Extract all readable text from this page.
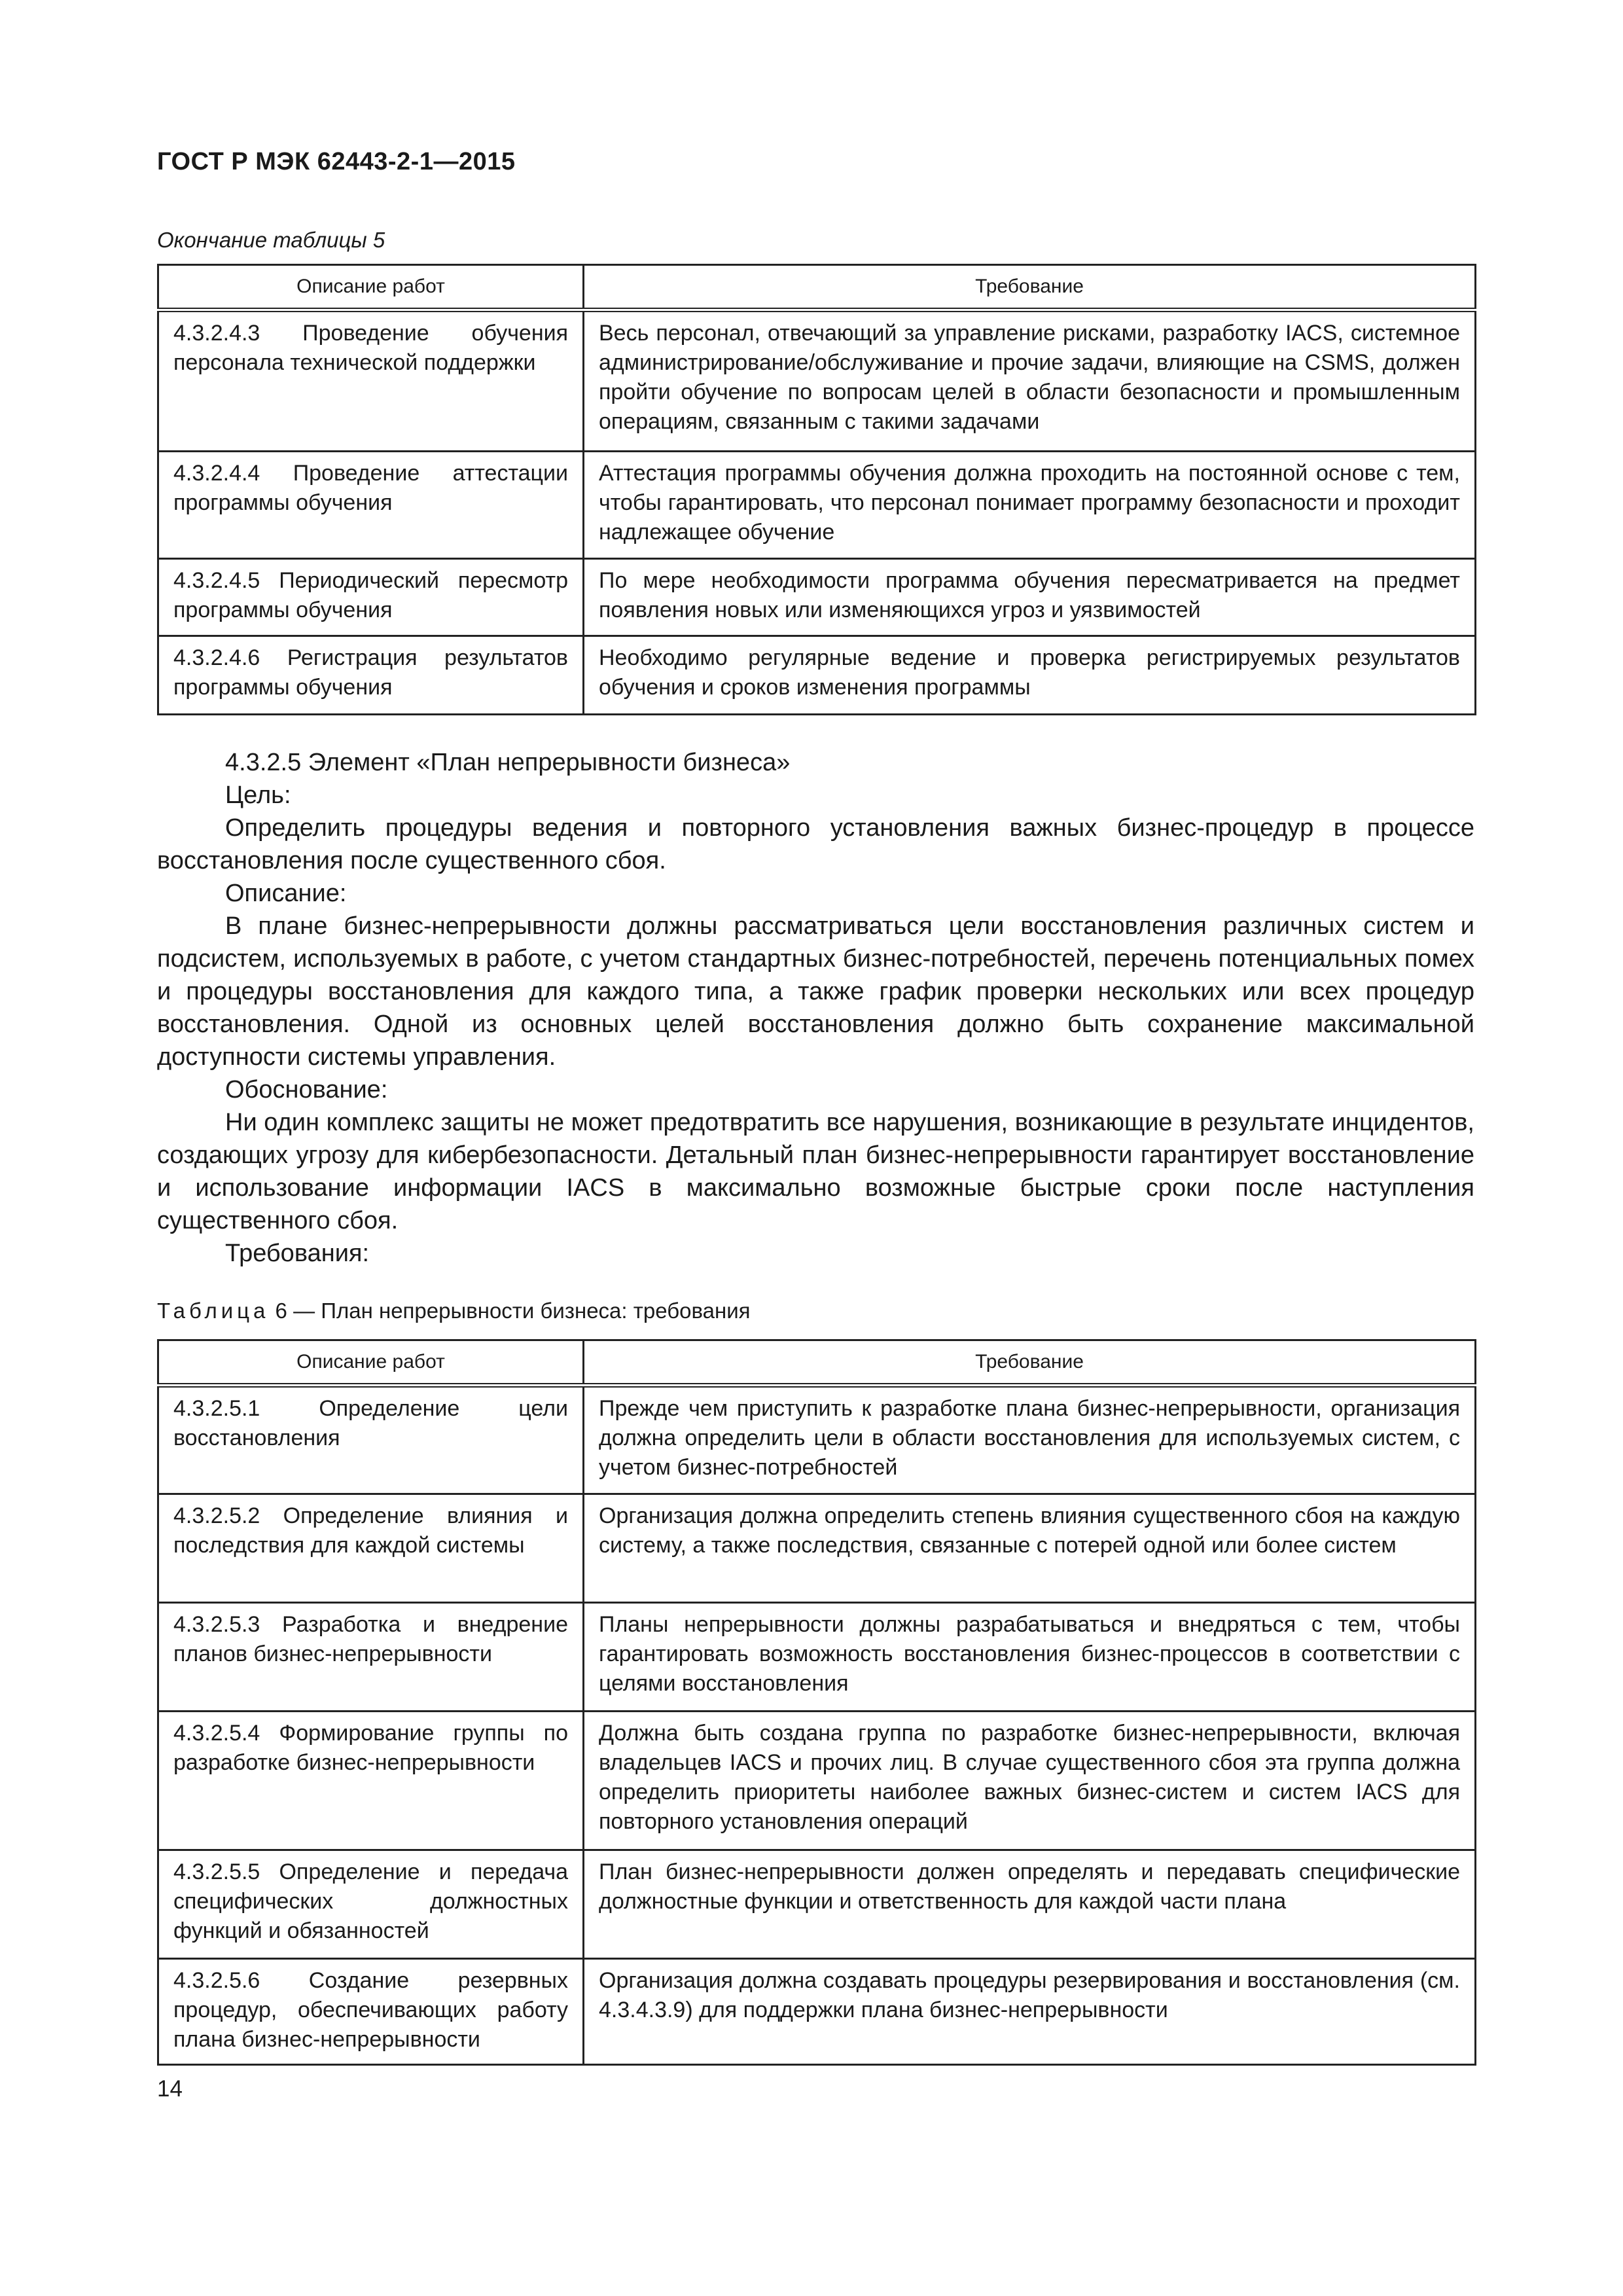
ГОСТ Р МЭК 62443-2-1—2015
Окончание таблицы 5
Описание работ	Требование
4.3.2.4.3 Проведение обучения персонала технической поддержки	Весь персонал, отвечающий за управление рисками, разработку IACS, системное администрирование/обслуживание и прочие задачи, влияющие на CSMS, должен пройти обучение по вопросам целей в области безопасности и промышленным операциям, связанным с такими задачами
4.3.2.4.4 Проведение аттестации программы обучения	Аттестация программы обучения должна проходить на постоянной основе с тем, чтобы гарантировать, что персонал понимает программу безопасности и проходит надлежащее обучение
4.3.2.4.5 Периодический пересмотр программы обучения	По мере необходимости программа обучения пересматривается на предмет появления новых или изменяющихся угроз и уязвимостей
4.3.2.4.6 Регистрация результатов программы обучения	Необходимо регулярные ведение и проверка регистрируемых результатов обучения и сроков изменения программы

4.3.2.5 Элемент «План непрерывности бизнеса»

Цель:

Определить процедуры ведения и повторного установления важных бизнес-процедур в процессе восстановления после существенного сбоя.

Описание:

В плане бизнес-непрерывности должны рассматриваться цели восстановления различных систем и подсистем, используемых в работе, с учетом стандартных бизнес-потребностей, перечень потенциальных помех и процедуры восстановления для каждого типа, а также график проверки нескольких или всех процедур восстановления. Одной из основных целей восстановления должно быть сохранение максимальной доступности системы управления.

Обоснование:

Ни один комплекс защиты не может предотвратить все нарушения, возникающие в результате инцидентов, создающих угрозу для кибербезопасности. Детальный план бизнес-непрерывности гарантирует восстановление и использование информации IACS в максимально возможные быстрые сроки после наступления существенного сбоя.

Требования:

Таблица 6 — План непрерывности бизнеса: требования
Описание работ	Требование
4.3.2.5.1 Определение цели восстановления	Прежде чем приступить к разработке плана бизнес-непрерывности, организация должна определить цели в области восстановления для используемых систем, с учетом бизнес-потребностей
4.3.2.5.2 Определение влияния и последствия для каждой системы	Организация должна определить степень влияния существенного сбоя на каждую систему, а также последствия, связанные с потерей одной или более систем
4.3.2.5.3 Разработка и внедрение планов бизнес-непрерывности	Планы непрерывности должны разрабатываться и внедряться с тем, чтобы гарантировать возможность восстановления бизнес-процессов в соответствии с целями восстановления
4.3.2.5.4 Формирование группы по разработке бизнес-непрерывности	Должна быть создана группа по разработке бизнес-непрерывности, включая владельцев IACS и прочих лиц. В случае существенного сбоя эта группа должна определить приоритеты наиболее важных бизнес-систем и систем IACS для повторного установления операций
4.3.2.5.5 Определение и передача специфических должностных функций и обязанностей	План бизнес-непрерывности должен определять и передавать специфические должностные функции и ответственность для каждой части плана
4.3.2.5.6 Создание резервных процедур, обеспечивающих работу плана бизнес-непрерывности	Организация должна создавать процедуры резервирования и восстановления (см. 4.3.4.3.9) для поддержки плана бизнес-непрерывности
14
